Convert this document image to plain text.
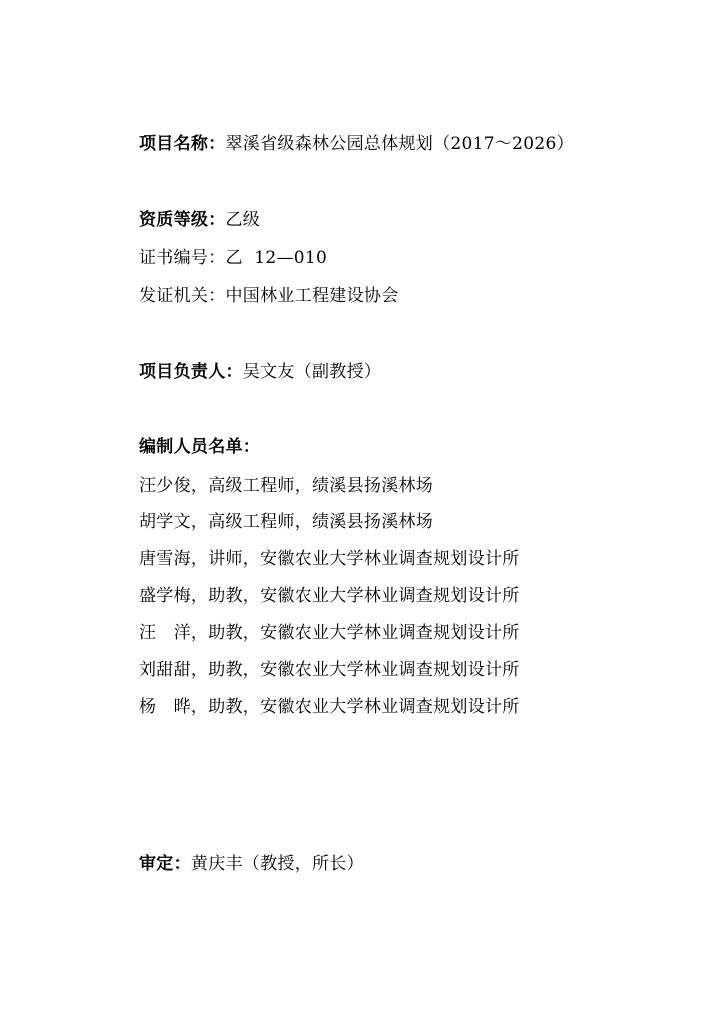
项目名称：翠溪省级森林公园总体规划（2017～2026）
资质等级：乙级
证书编号：乙  12—010
发证机关：中国林业工程建设协会
项目负责人：吴文友（副教授）
编制人员名单：
汪少俊，高级工程师，绩溪县扬溪林场
胡学文，高级工程师，绩溪县扬溪林场
唐雪海，讲师，安徽农业大学林业调查规划设计所
盛学梅，助教，安徽农业大学林业调查规划设计所
汪　洋，助教，安徽农业大学林业调查规划设计所
刘甜甜，助教，安徽农业大学林业调查规划设计所
杨　晔，助教，安徽农业大学林业调查规划设计所
审定：黄庆丰（教授，所长）
